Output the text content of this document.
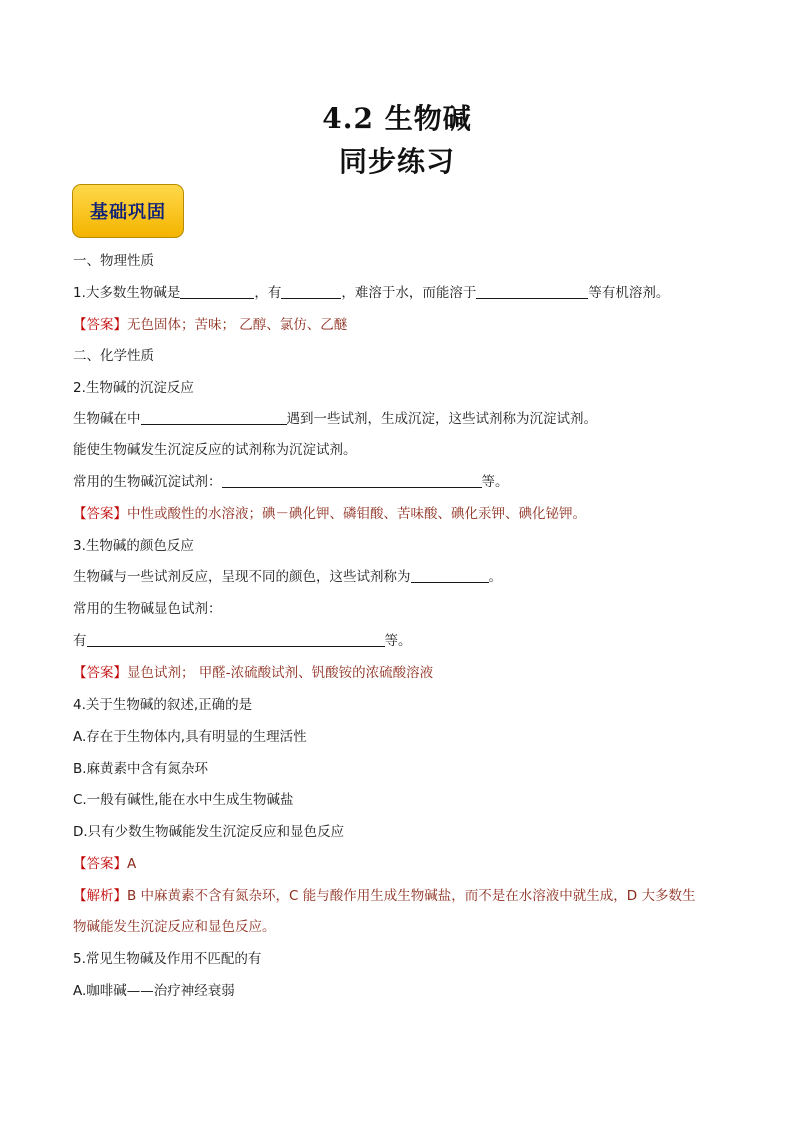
4.2 生物碱
同步练习
基础巩固
一、物理性质
1.大多数生物碱是	，有	，难溶于水，而能溶于	等有机溶剂。
【答案】无色固体；苦味； 乙醇、氯仿、乙醚
二、化学性质
2.生物碱的沉淀反应
生物碱在中	遇到一些试剂，生成沉淀，这些试剂称为沉淀试剂。
能使生物碱发生沉淀反应的试剂称为沉淀试剂。
常用的生物碱沉淀试剂：	等。
【答案】中性或酸性的水溶液；碘－碘化钾、磷钼酸、苦味酸、碘化汞钾、碘化铋钾。
3.生物碱的颜色反应
生物碱与一些试剂反应，呈现不同的颜色，这些试剂称为	。
常用的生物碱显色试剂：
有	等。
【答案】显色试剂； 甲醛-浓硫酸试剂、钒酸铵的浓硫酸溶液
4.关于生物碱的叙述,正确的是
A.存在于生物体内,具有明显的生理活性
B.麻黄素中含有氮杂环
C.一般有碱性,能在水中生成生物碱盐
D.只有少数生物碱能发生沉淀反应和显色反应
【答案】A
【解析】B 中麻黄素不含有氮杂环，C 能与酸作用生成生物碱盐，而不是在水溶液中就生成，D 大多数生
物碱能发生沉淀反应和显色反应。
5.常见生物碱及作用不匹配的有
A.咖啡碱——治疗神经衰弱
